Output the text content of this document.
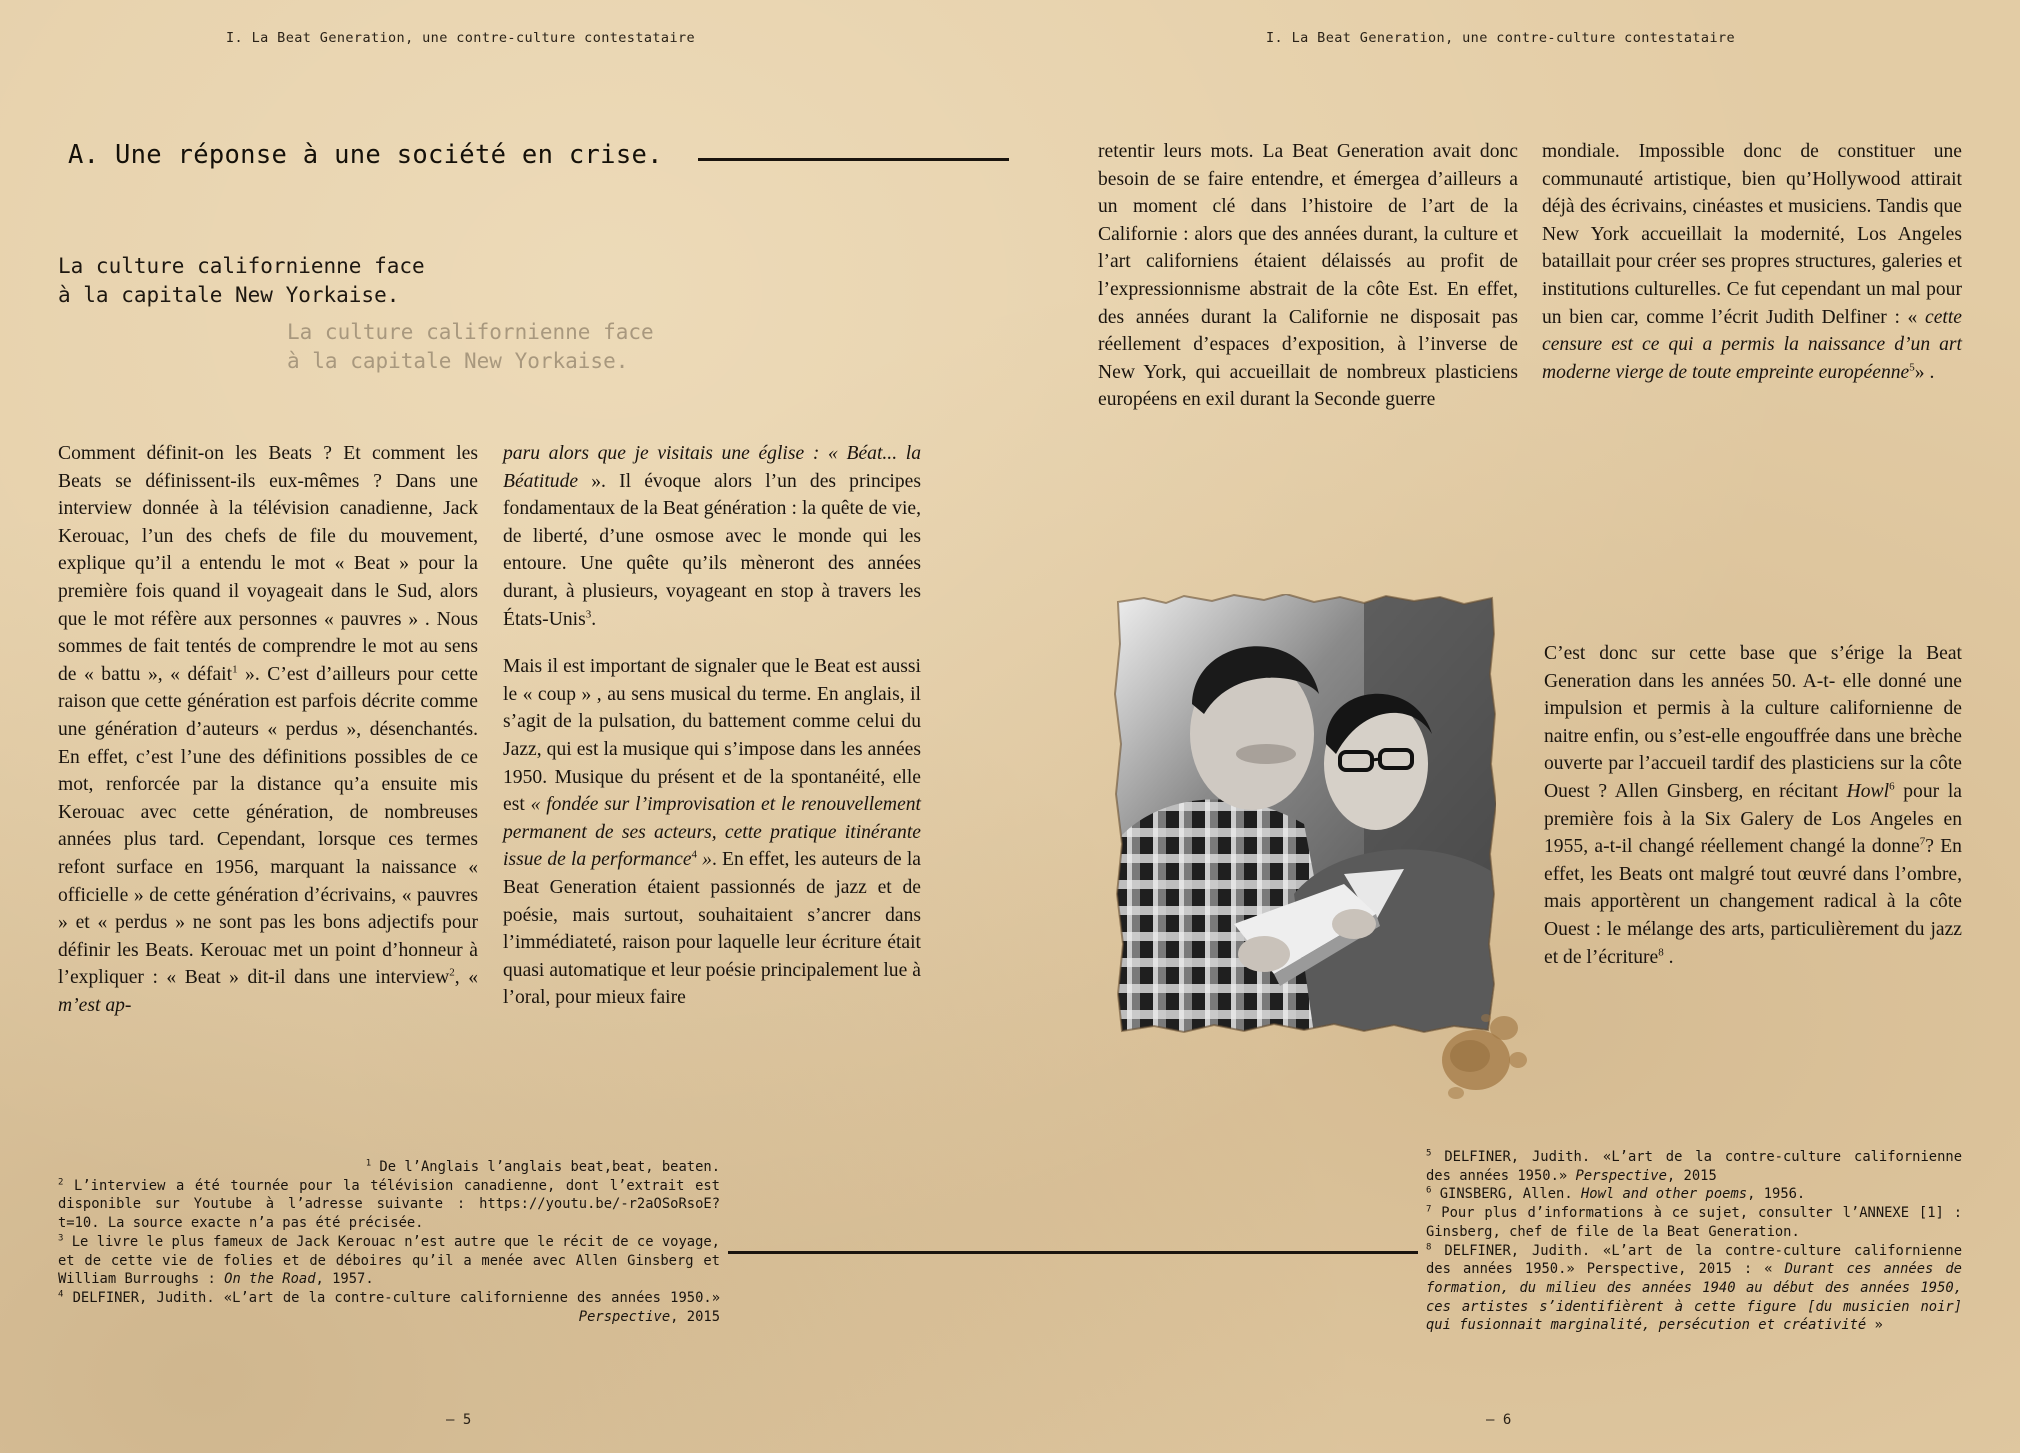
I. La Beat Generation, une contre-culture contestataire	I. La Beat Generation, une contre-culture contestataire
A. Une réponse à une société en crise.
La culture californienne face
à la capitale New Yorkaise.
La culture californienne face
à la capitale New Yorkaise.

Comment définit-on les Beats ? Et comment les Beats se définissent-ils eux-mêmes ? Dans une interview donnée à la télévision canadienne, Jack Kerouac, l’un des chefs de file du mouvement, explique qu’il a entendu le mot « Beat » pour la première fois quand il voyageait dans le Sud, alors que le mot réfère aux personnes « pauvres » . Nous sommes de fait tentés de comprendre le mot au sens de « battu », « défait$^1$ ». C’est d’ailleurs pour cette raison que cette génération est parfois décrite comme une génération d’auteurs « perdus », désenchantés. En effet, c’est l’une des définitions possibles de ce mot, renforcée par la distance qu’a ensuite mis Kerouac avec cette génération, de nombreuses années plus tard. Cependant, lorsque ces termes refont surface en 1956, marquant la naissance « officielle » de cette génération d’écrivains, « pauvres » et « perdus » ne sont pas les bons adjectifs pour définir les Beats. Kerouac met un point d’honneur à l’expliquer : « Beat » dit-il dans une interview$^2$, « m’est ap-

paru alors que je visitais une église : « Béat... la Béatitude ». Il évoque alors l’un des principes fondamentaux de la Beat génération : la quête de vie, de liberté, d’une osmose avec le monde qui les entoure. Une quête qu’ils mèneront des années durant, à plusieurs, voyageant en stop à travers les États-Unis$^3$.

Mais il est important de signaler que le Beat est aussi le « coup » , au sens musical du terme. En anglais, il s’agit de la pulsation, du battement comme celui du Jazz, qui est la musique qui s’impose dans les années 1950. Musique du présent et de la spontanéité, elle est « fondée sur l’improvisation et le renouvellement permanent de ses acteurs, cette pratique itinérante issue de la performance$^4$ ». En effet, les auteurs de la Beat Generation étaient passionnés de jazz et de poésie, mais surtout, souhaitaient s’ancrer dans l’immédiateté, raison pour laquelle leur écriture était quasi automatique et leur poésie principalement lue à l’oral, pour mieux faire

retentir leurs mots. La Beat Generation avait donc besoin de se faire entendre, et émergea d’ailleurs a un moment clé dans l’histoire de l’art de la Californie : alors que des années durant, la culture et l’art californiens étaient délaissés au profit de l’expressionnisme abstrait de la côte Est. En effet, des années durant la Californie ne disposait pas réellement d’espaces d’exposition, à l’inverse de New York, qui accueillait de nombreux plasticiens européens en exil durant la Seconde guerre

mondiale. Impossible donc de constituer une communauté artistique, bien qu’Hollywood attirait déjà des écrivains, cinéastes et musiciens. Tandis que New York accueillait la modernité, Los Angeles bataillait pour créer ses propres structures, galeries et institutions culturelles. Ce fut cependant un mal pour un bien car, comme l’écrit Judith Delfiner : « cette censure est ce qui a permis la naissance d’un art moderne vierge de toute empreinte européenne$^5$» .

C’est donc sur cette base que s’érige la Beat Generation dans les années 50. A-t- elle donné une impulsion et permis à la culture californienne de naitre enfin, ou s’est-elle engouffrée dans une brèche ouverte par l’accueil tardif des plasticiens sur la côte Ouest ? Allen Ginsberg, en récitant Howl$^6$ pour la première fois à la Six Galery de Los Angeles en 1955, a-t-il changé réellement changé la donne$^7$? En effet, les Beats ont malgré tout œuvré dans l’ombre, mais apportèrent un changement radical à la côte Ouest : le mélange des arts, particulièrement du jazz et de l’écriture$^8$ .

$^1$ De l’Anglais l’anglais beat,beat, beaten.

$^2$ L’interview a été tournée pour la télévision canadienne, dont l’extrait est disponible sur Youtube à l’adresse suivante : https://youtu.be/-r2aOSoRsoE?t=10. La source exacte n’a pas été précisée.

$^3$ Le livre le plus fameux de Jack Kerouac n’est autre que le récit de ce voyage, et de cette vie de folies et de déboires qu’il a menée avec Allen Ginsberg et William Burroughs : On the Road, 1957.

$^4$ DELFINER, Judith. «L’art de la contre-culture californienne des années 1950.» Perspective, 2015

$^5$ DELFINER, Judith. «L’art de la contre-culture californienne des années 1950.» Perspective, 2015

$^6$ GINSBERG, Allen. Howl and other poems, 1956.

$^7$ Pour plus d’informations à ce sujet, consulter l’ANNEXE [1] : Ginsberg, chef de file de la Beat Generation.

$^8$ DELFINER, Judith. «L’art de la contre-culture californienne des années 1950.» Perspective, 2015 : « Durant ces années de formation, du milieu des années 1940 au début des années 1950, ces artistes s’identifièrent à cette figure [du musicien noir] qui fusionnait marginalité, persécution et créativité »

— 5	— 6
